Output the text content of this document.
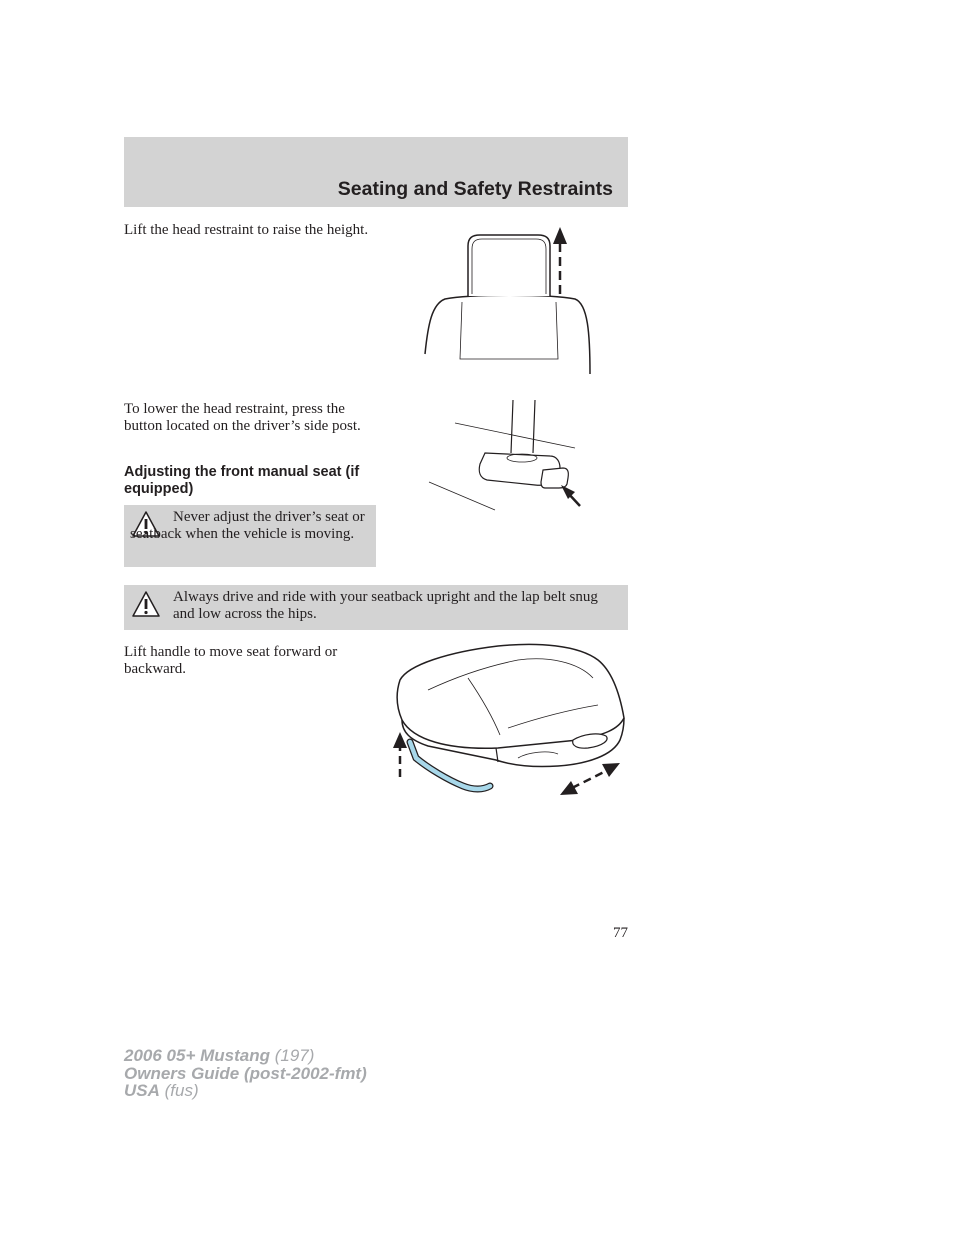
Seating and Safety Restraints
Lift the head restraint to raise the height.
To lower the head restraint, press the button located on the driver’s side post.
Adjusting the front manual seat (if equipped)
Never adjust the driver’s seat or seatback when the vehicle is moving.
Always drive and ride with your seatback upright and the lap belt snug and low across the hips.
Lift handle to move seat forward or backward.
77
2006 05+ Mustang (197)
Owners Guide (post-2002-fmt)
USA (fus)
